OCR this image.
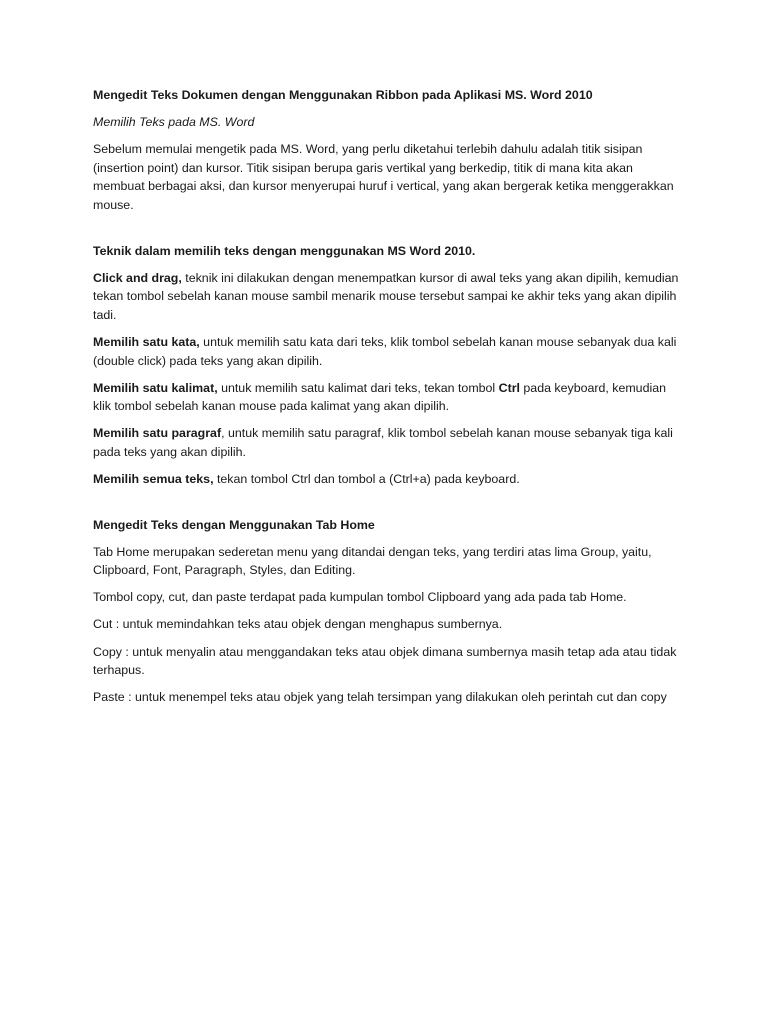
Mengedit Teks Dokumen dengan Menggunakan Ribbon pada Aplikasi MS. Word 2010

Memilih Teks pada MS. Word

Sebelum memulai mengetik pada MS. Word, yang perlu diketahui terlebih dahulu adalah titik sisipan (insertion point) dan kursor. Titik sisipan berupa garis vertikal yang berkedip, titik di mana kita akan membuat berbagai aksi, dan kursor menyerupai huruf i vertical, yang akan bergerak ketika menggerakkan mouse.

Teknik dalam memilih teks dengan menggunakan MS Word 2010.

Click and drag, teknik ini dilakukan dengan menempatkan kursor di awal teks yang akan dipilih, kemudian tekan tombol sebelah kanan mouse sambil menarik mouse tersebut sampai ke akhir teks yang akan dipilih tadi.

Memilih satu kata, untuk memilih satu kata dari teks, klik tombol sebelah kanan mouse sebanyak dua kali (double click) pada teks yang akan dipilih.

Memilih satu kalimat, untuk memilih satu kalimat dari teks, tekan tombol Ctrl pada keyboard, kemudian klik tombol sebelah kanan mouse pada kalimat yang akan dipilih.

Memilih satu paragraf, untuk memilih satu paragraf, klik tombol sebelah kanan mouse sebanyak tiga kali pada teks yang akan dipilih.

Memilih semua teks, tekan tombol Ctrl dan tombol a (Ctrl+a) pada keyboard.

Mengedit Teks dengan Menggunakan Tab Home

Tab Home merupakan sederetan menu yang ditandai dengan teks, yang terdiri atas lima Group, yaitu, Clipboard, Font, Paragraph, Styles, dan Editing.

Tombol copy, cut, dan paste terdapat pada kumpulan tombol Clipboard yang ada pada tab Home.

Cut : untuk memindahkan teks atau objek dengan menghapus sumbernya.

Copy : untuk menyalin atau menggandakan teks atau objek dimana sumbernya masih tetap ada atau tidak terhapus.

Paste : untuk menempel teks atau objek yang telah tersimpan yang dilakukan oleh perintah cut dan copy
